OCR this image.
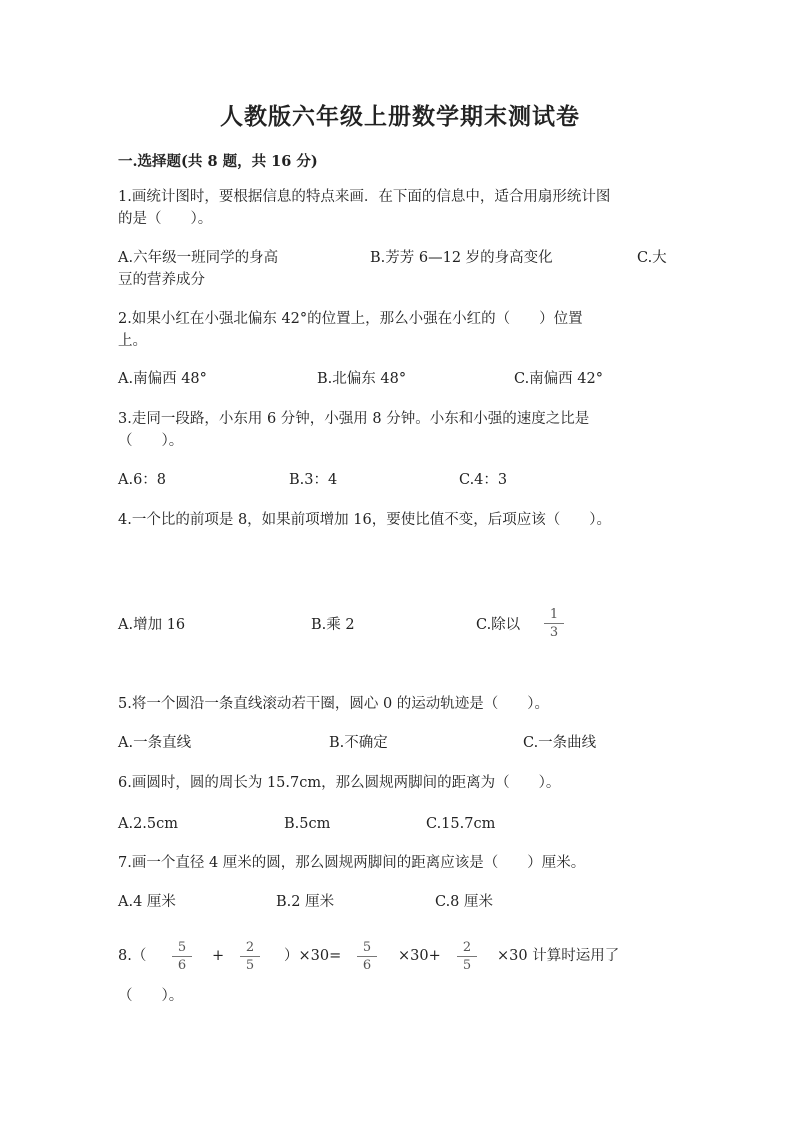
人教版六年级上册数学期末测试卷
一.选择题(共 8 题，共 16 分)
1.画统计图时，要根据信息的特点来画．在下面的信息中，适合用扇形统计图
的是（　　）。
A.六年级一班同学的身高	B.芳芳 6—12 岁的身高变化	C.大
豆的营养成分
2.如果小红在小强北偏东 42°的位置上，那么小强在小红的（　　）位置
上。
A.南偏西 48°	B.北偏东 48°	C.南偏西 42°
3.走同一段路，小东用 6 分钟，小强用 8 分钟。小东和小强的速度之比是
（　　）。
A.6：8	B.3：4	C.4：3
4.一个比的前项是 8，如果前项增加 16，要使比值不变，后项应该（　　）。
A.增加 16	B.乘 2	C.除以 $\frac{1}{3}$
5.将一个圆沿一条直线滚动若干圈，圆心 0 的运动轨迹是（　　）。
A.一条直线	B.不确定	C.一条曲线
6.画圆时，圆的周长为 15.7cm，那么圆规两脚间的距离为（　　）。
A.2.5cm	B.5cm	C.15.7cm
7.画一个直径 4 厘米的圆，那么圆规两脚间的距离应该是（　　）厘米。
A.4 厘米	B.2 厘米	C.8 厘米
$8.( \frac{5}{6} + \frac{2}{5} )\times 30= \frac{5}{6} \times 30+ \frac{2}{5} \times 30$ 计算时运用了
（　　）。
